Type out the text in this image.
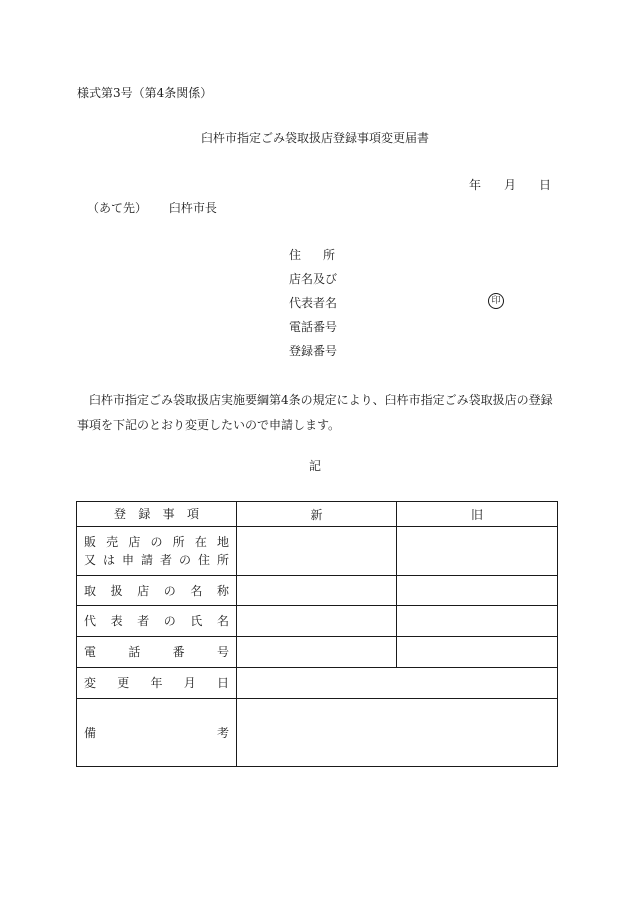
様式第3号（第4条関係）
臼杵市指定ごみ袋取扱店登録事項変更届書
年 月 日
（あて先） 臼杵市長
住所
店名及び
代表者名
電話番号
登録番号
印

臼杵市指定ごみ袋取扱店実施要綱第4条の規定により、臼杵市指定ごみ袋取扱店の登録事項を下記のとおり変更したいので申請します。

記
登録事項	新	旧

販売店の所在地
又は申請者の住所		

取扱店の名称		

代表者の氏名		

電話番号		

変更年月日		

備 考		
